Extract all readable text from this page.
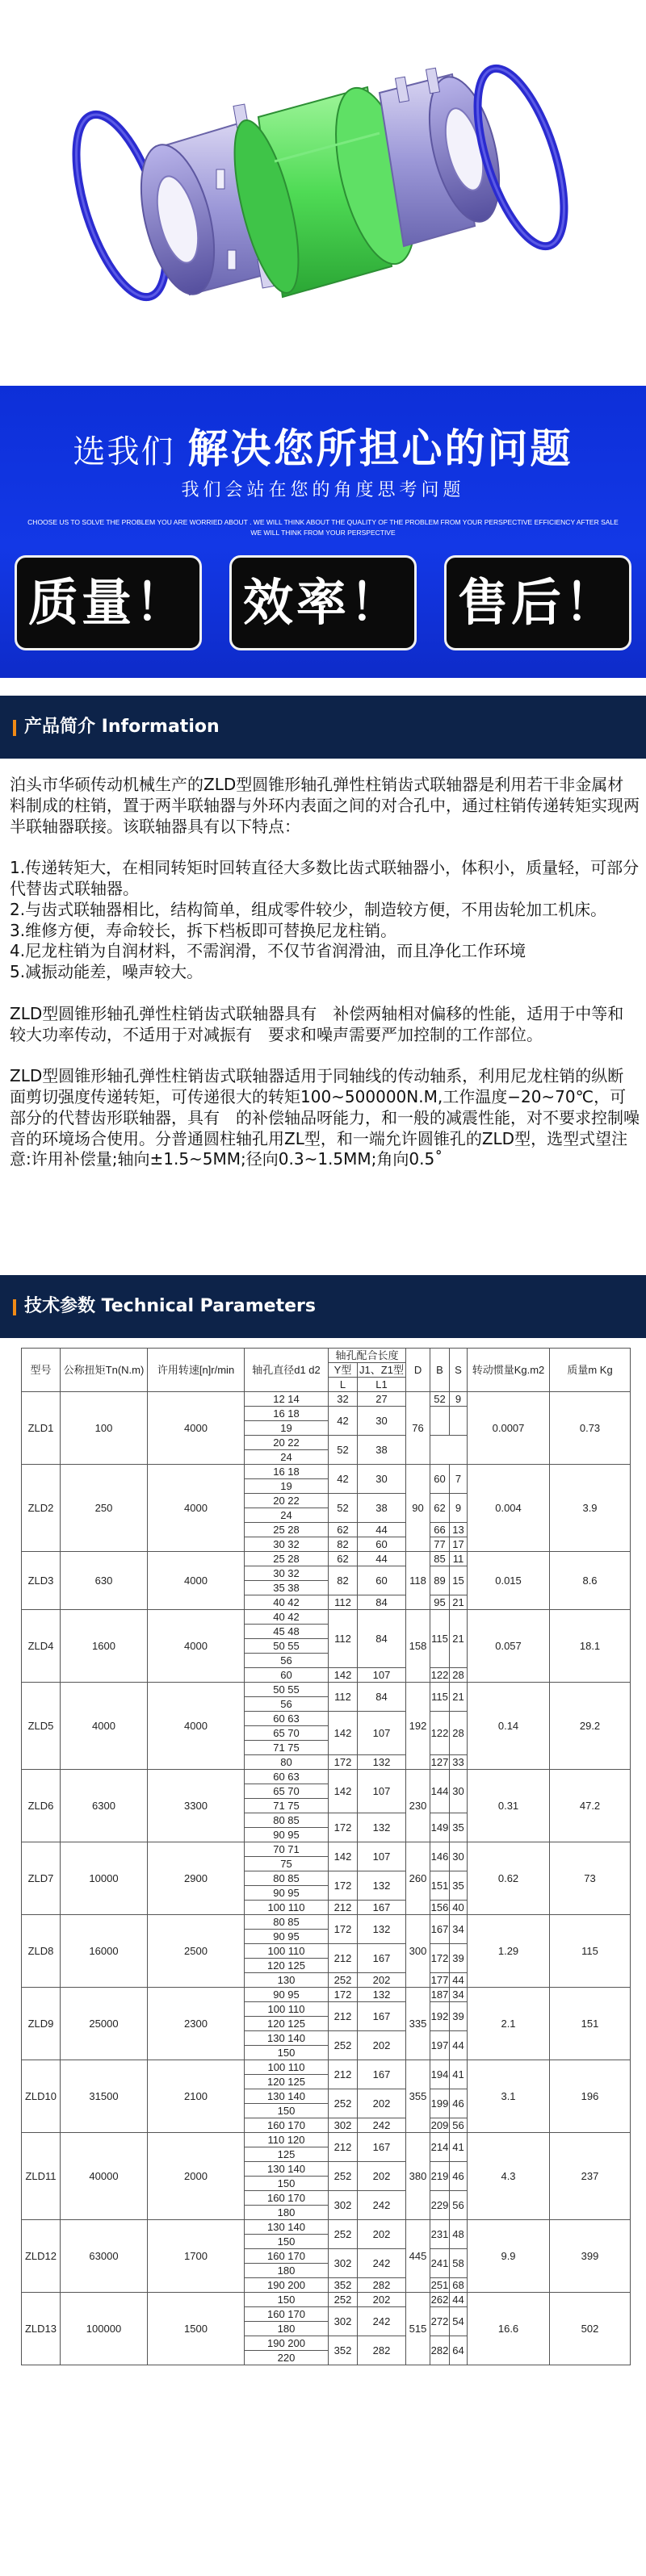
选我们 解决您所担心的问题
我们会站在您的角度思考问题
CHOOSE US TO SOLVE THE PROBLEM YOU ARE WORRIED ABOUT . WE WILL THINK ABOUT THE QUALITY OF THE PROBLEM FROM YOUR PERSPECTIVE EFFICIENCY AFTER SALE
WE WILL THINK FROM YOUR PERSPECTIVE
质量！ 效率！ 售后！
产品简介 Information

泊头市华硕传动机械生产的ZLD型圆锥形轴孔弹性柱销齿式联轴器是利用若干非金属材料制成的柱销，置于两半联轴器与外环内表面之间的对合孔中，通过柱销传递转矩实现两半联轴器联接。该联轴器具有以下特点：

1.传递转矩大，在相同转矩时回转直径大多数比齿式联轴器小，体积小，质量轻，可部分代替齿式联轴器。

2.与齿式联轴器相比，结构简单，组成零件较少，制造较方便，不用齿轮加工机床。

3.维修方便，寿命较长，拆下档板即可替换尼龙柱销。

4.尼龙柱销为自润材料，不需润滑，不仅节省润滑油，而且净化工作环境

5.减振动能差，噪声较大。

ZLD型圆锥形轴孔弹性柱销齿式联轴器具有　补偿两轴相对偏移的性能，适用于中等和较大功率传动，不适用于对减振有　要求和噪声需要严加控制的工作部位。

ZLD型圆锥形轴孔弹性柱销齿式联轴器适用于同轴线的传动轴系，利用尼龙柱销的纵断面剪切强度传递转矩，可传递很大的转矩100~500000N.M,工作温度−20~70℃，可部分的代替齿形联轴器，具有　的补偿轴品呀能力，和一般的减震性能，对不要求控制噪音的环境场合使用。分普通圆柱轴孔用ZL型，和一端允许圆锥孔的ZLD型，选型式望注意:许用补偿量;轴向±1.5~5MM;径向0.3~1.5MM;角向0.5˚

技术参数 Technical Parameters
型号	公称扭矩Tn(N.m)	许用转速[n]r/min	轴孔直径d1 d2	轴孔配合长度		D	B	S	转动惯量Kg.m2	质量m Kg
				Y型	J1、Z1型					
				L	L1					
ZLD1	100	4000	12 14	32	27	76	52	9	0.0007	0.73
			16 18	42	30					
			19							
			20 22	52	38					
			24							
ZLD2	250	4000	16 18	42	30	90	60	7	0.004	3.9
			19							
			20 22	52	38		62	9		
			24							
			25 28	62	44		66	13		
			30 32	82	60		77	17		
ZLD3	630	4000	25 28	62	44	118	85	11	0.015	8.6
			30 32	82	60		89	15		
			35 38							
			40 42	112	84		95	21		
ZLD4	1600	4000	40 42	112	84	158	115	21	0.057	18.1
			45 48							
			50 55							
			56							
			60	142	107		122	28		
ZLD5	4000	4000	50 55	112	84	192	115	21	0.14	29.2
			56							
			60 63	142	107		122	28		
			65 70							
			71 75							
			80	172	132		127	33		
ZLD6	6300	3300	60 63	142	107	230	144	30	0.31	47.2
			65 70							
			71 75							
			80 85	172	132		149	35		
			90 95							
ZLD7	10000	2900	70 71	142	107	260	146	30	0.62	73
			75							
			80 85	172	132		151	35		
			90 95							
			100 110	212	167		156	40		
ZLD8	16000	2500	80 85	172	132	300	167	34	1.29	115
			90 95							
			100 110	212	167		172	39		
			120 125							
			130	252	202		177	44		
ZLD9	25000	2300	90 95	172	132	335	187	34	2.1	151
			100 110	212	167		192	39		
			120 125							
			130 140	252	202		197	44		
			150							
ZLD10	31500	2100	100 110	212	167	355	194	41	3.1	196
			120 125							
			130 140	252	202		199	46		
			150							
			160 170	302	242		209	56		
ZLD11	40000	2000	110 120	212	167	380	214	41	4.3	237
			125							
			130 140	252	202		219	46		
			150							
			160 170	302	242		229	56		
			180							
ZLD12	63000	1700	130 140	252	202	445	231	48	9.9	399
			150							
			160 170	302	242		241	58		
			180							
			190 200	352	282		251	68		
ZLD13	100000	1500	150	252	202	515	262	44	16.6	502
			160 170	302	242		272	54		
			180							
			190 200	352	282		282	64		
			220							
